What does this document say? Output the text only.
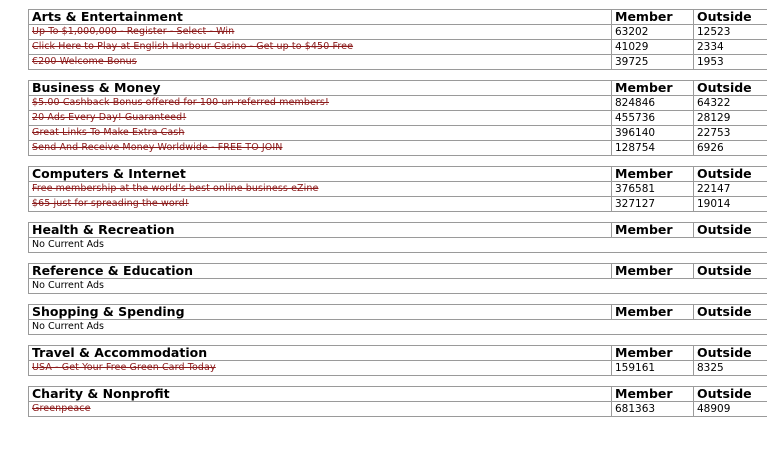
Arts & Entertainment	Member	Outside
Up To $1,000,000 - Register - Select - Win	63202	12523
Click Here to Play at English Harbour Casino - Get up to $450 Free	41029	2334
€200 Welcome Bonus	39725	1953
Business & Money	Member	Outside
$5.00 Cashback Bonus offered for 100 un-referred members!	824846	64322
20 Ads Every Day! Guaranteed!	455736	28129
Great Links To Make Extra Cash	396140	22753
Send And Receive Money Worldwide - FREE TO JOIN	128754	6926
Computers & Internet	Member	Outside
Free membership at the world's best online business eZine	376581	22147
$65 just for spreading the word!	327127	19014
Health & Recreation	Member	Outside
No Current Ads
Reference & Education	Member	Outside
No Current Ads
Shopping & Spending	Member	Outside
No Current Ads
Travel & Accommodation	Member	Outside
USA - Get Your Free Green Card Today	159161	8325
Charity & Nonprofit	Member	Outside
Greenpeace	681363	48909
